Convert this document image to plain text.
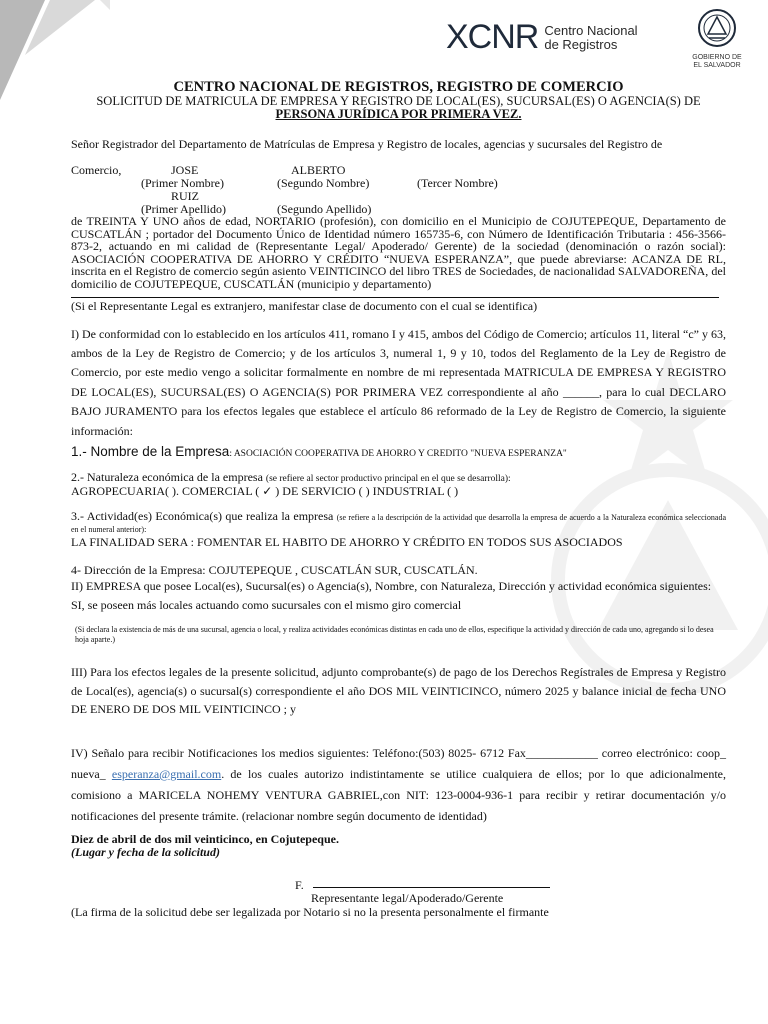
XCNR Centro Nacional
de Registros
GOBIERNO DE
EL SALVADOR
CENTRO NACIONAL DE REGISTROS, REGISTRO DE COMERCIO
SOLICITUD DE MATRICULA DE EMPRESA Y REGISTRO DE LOCAL(ES), SUCURSAL(ES) O AGENCIA(S) DE
PERSONA JURÍDICA POR PRIMERA VEZ.

Señor Registrador del Departamento de Matrículas de Empresa y Registro de locales, agencias y sucursales del Registro de

Comercio,	JOSE	ALBERTO
(Primer Nombre)	(Segundo Nombre)	(Tercer Nombre)
RUIZ
(Primer Apellido)	(Segundo Apellido)

de TREINTA Y UNO años de edad, NORTARIO (profesión), con domicilio en el Municipio de COJUTEPEQUE, Departamento de CUSCATLÁN ; portador del Documento Único de Identidad número 165735-6, con Número de Identificación Tributaria : 456-3566-873-2, actuando en mi calidad de (Representante Legal/ Apoderado/ Gerente) de la sociedad (denominación o razón social): ASOCIACIÓN COOPERATIVA DE AHORRO Y CRÉDITO “NUEVA ESPERANZA”, que puede abreviarse: ACANZA DE RL, inscrita en el Registro de comercio según asiento VEINTICINCO del libro TRES de Sociedades, de nacionalidad SALVADOREÑA, del domicilio de COJUTEPEQUE, CUSCATLÁN (municipio y departamento)

(Si el Representante Legal es extranjero, manifestar clase de documento con el cual se identifica)

I) De conformidad con lo establecido en los artículos 411, romano I y 415, ambos del Código de Comercio; artículos 11, literal “c” y 63, ambos de la Ley de Registro de Comercio; y de los artículos 3, numeral 1, 9 y 10, todos del Reglamento de la Ley de Registro de Comercio, por este medio vengo a solicitar formalmente en nombre de mi representada MATRICULA DE EMPRESA Y REGISTRO DE LOCAL(ES), SUCURSAL(ES) O AGENCIA(S) POR PRIMERA VEZ correspondiente al año ______, para lo cual DECLARO BAJO JURAMENTO para los efectos legales que establece el artículo 86 reformado de la Ley de Registro de Comercio, la siguiente información:

1.- Nombre de la Empresa: ASOCIACIÓN COOPERATIVA DE AHORRO Y CREDITO "NUEVA ESPERANZA"

2.- Naturaleza económica de la empresa (se refiere al sector productivo principal en el que se desarrolla):

AGROPECUARIA( ). COMERCIAL ( ✓ ) DE SERVICIO ( ) INDUSTRIAL ( )

3.- Actividad(es) Económica(s) que realiza la empresa (se refiere a la descripción de la actividad que desarrolla la empresa de acuerdo a la Naturaleza económica seleccionada en el numeral anterior):

LA FINALIDAD SERA : FOMENTAR EL HABITO DE AHORRO Y CRÉDITO EN TODOS SUS ASOCIADOS

4- Dirección de la Empresa: COJUTEPEQUE , CUSCATLÁN SUR, CUSCATLÁN.

II) EMPRESA que posee Local(es), Sucursal(es) o Agencia(s), Nombre, con Naturaleza, Dirección y actividad económica siguientes:

SI, se poseen más locales actuando como sucursales con el mismo giro comercial

(Si declara la existencia de más de una sucursal, agencia o local, y realiza actividades económicas distintas en cada uno de ellos, especifique la actividad y dirección de cada uno, agregando si lo desea hoja aparte.)

III) Para los efectos legales de la presente solicitud, adjunto comprobante(s) de pago de los Derechos Regístrales de Empresa y Registro de Local(es), agencia(s) o sucursal(s) correspondiente el año DOS MIL VEINTICINCO, número 2025 y balance inicial de fecha UNO DE ENERO DE DOS MIL VEINTICINCO ; y

IV) Señalo para recibir Notificaciones los medios siguientes: Teléfono:(503) 8025- 6712 Fax____________ correo electrónico: coop_ nueva_ esperanza@gmail.com. de los cuales autorizo indistintamente se utilice cualquiera de ellos; por lo que adicionalmente, comisiono a MARICELA NOHEMY VENTURA GABRIEL,con NIT: 123-0004-936-1 para recibir y retirar documentación y/o notificaciones del presente trámite. (relacionar nombre según documento de identidad)

Diez de abril de dos mil veinticinco, en Cojutepeque.

(Lugar y fecha de la solicitud)

F.
Representante legal/Apoderado/Gerente

(La firma de la solicitud debe ser legalizada por Notario si no la presenta personalmente el firmante
